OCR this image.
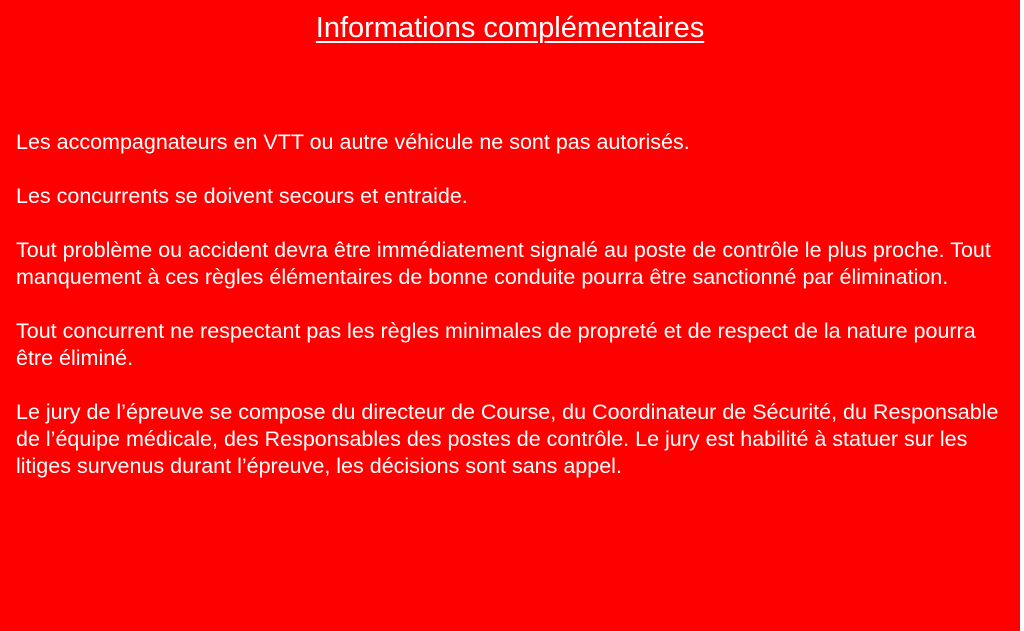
Informations complémentaires

Les accompagnateurs en VTT ou autre véhicule ne sont pas autorisés.

Les concurrents se doivent secours et entraide.

Tout problème ou accident devra être immédiatement signalé au poste de contrôle le plus proche. Tout manquement à ces règles élémentaires de bonne conduite pourra être sanctionné par élimination.

Tout concurrent ne respectant pas les règles minimales de propreté et de respect de la nature pourra être éliminé.

Le jury de l’épreuve se compose du directeur de Course, du Coordinateur de Sécurité, du Responsable de l’équipe médicale, des Responsables des postes de contrôle. Le jury est habilité à statuer sur les litiges survenus durant l’épreuve, les décisions sont sans appel.
